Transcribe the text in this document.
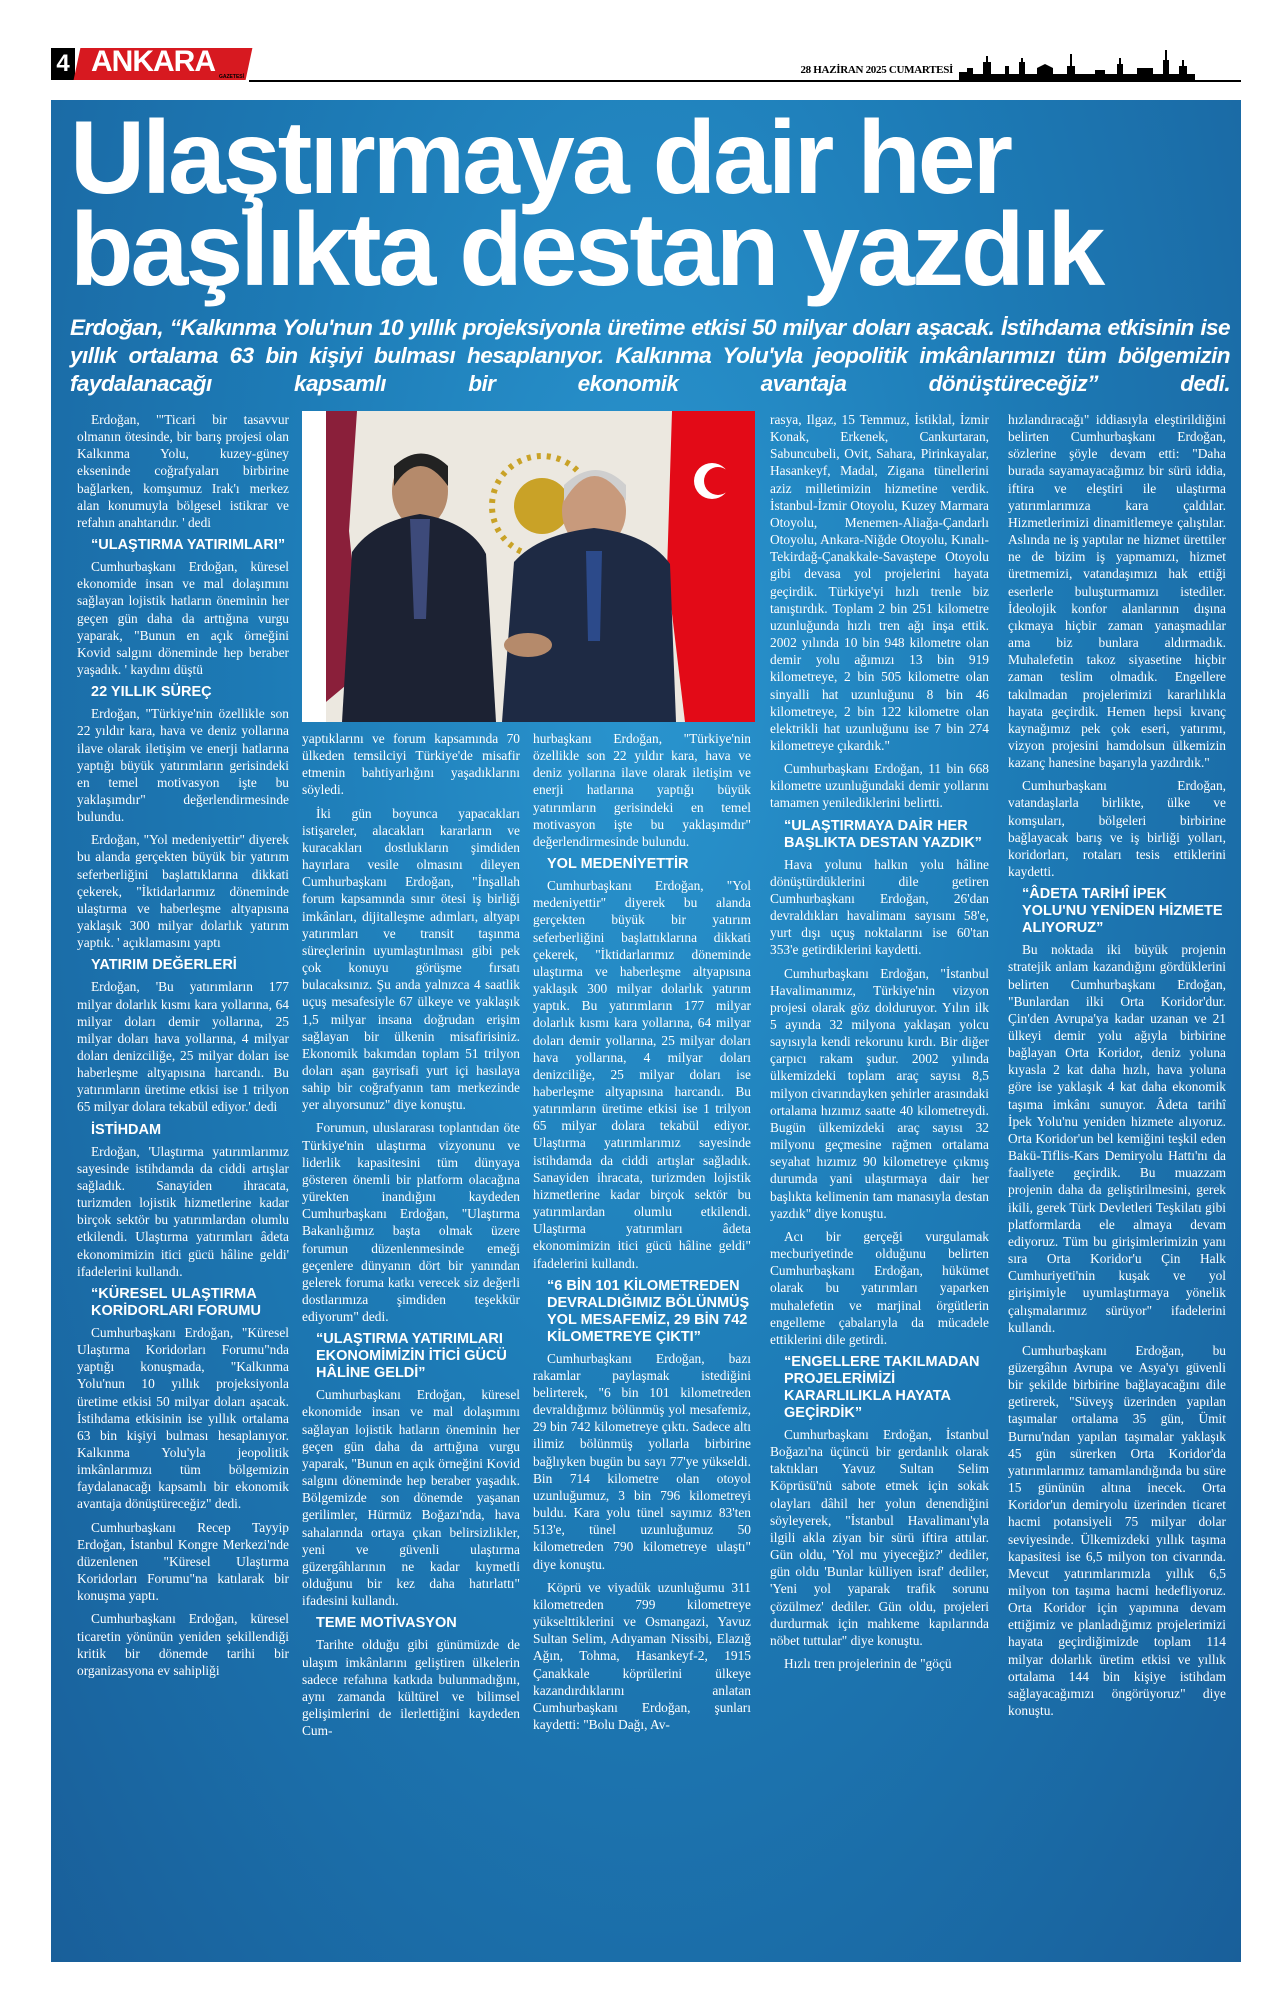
4 ANKARA GAZETESİ
28 HAZİRAN 2025 CUMARTESİ
Ulaştırmaya dair her başlıkta destan yazdık

Erdoğan, “Kalkınma Yolu'nun 10 yıllık projeksiyonla üretime etkisi 50 milyar doları aşacak. İstihdama etkisinin ise yıllık ortalama 63 bin kişiyi bulması hesaplanıyor. Kalkınma Yolu'yla jeopolitik imkânlarımızı tüm bölgemizin faydalanacağı kapsamlı bir ekonomik avantaja dönüştüreceğiz” dedi.

Erdoğan, '"Ticari bir tasavvur olmanın ötesinde, bir barış projesi olan Kalkınma Yolu, kuzey-güney ekseninde coğrafyaları birbirine bağlarken, komşumuz Irak'ı merkez alan konumuyla bölgesel istikrar ve refahın anahtarıdır. ' dedi

“ULAŞTIRMA YATIRIMLARI”

Cumhurbaşkanı Erdoğan, küresel ekonomide insan ve mal dolaşımını sağlayan lojistik hatların öneminin her geçen gün daha da arttığına vurgu yaparak, "Bunun en açık örneğini Kovid salgını döneminde hep beraber yaşadık. ' kaydını düştü

22 YILLIK SÜREÇ

Erdoğan, "Türkiye'nin özellikle son 22 yıldır kara, hava ve deniz yollarına ilave olarak iletişim ve enerji hatlarına yaptığı büyük yatırımların gerisindeki en temel motivasyon işte bu yaklaşımdır" değerlendirmesinde bulundu.

Erdoğan, "Yol medeniyettir" diyerek bu alanda gerçekten büyük bir yatırım seferberliğini başlattıklarına dikkati çekerek, "İktidarlarımız döneminde ulaştırma ve haberleşme altyapısına yaklaşık 300 milyar dolarlık yatırım yaptık. ' açıklamasını yaptı

YATIRIM DEĞERLERİ

Erdoğan, 'Bu yatırımların 177 milyar dolarlık kısmı kara yollarına, 64 milyar doları demir yollarına, 25 milyar doları hava yollarına, 4 milyar doları denizciliğe, 25 milyar doları ise haberleşme altyapısına harcandı. Bu yatırımların üretime etkisi ise 1 trilyon 65 milyar dolara tekabül ediyor.' dedi

İSTİHDAM

Erdoğan, 'Ulaştırma yatırımlarımız sayesinde istihdamda da ciddi artışlar sağladık. Sanayiden ihracata, turizmden lojistik hizmetlerine kadar birçok sektör bu yatırımlardan olumlu etkilendi. Ulaştırma yatırımları âdeta ekonomimizin itici gücü hâline geldi' ifadelerini kullandı.

“KÜRESEL ULAŞTIRMA KORİDORLARI FORUMU

Cumhurbaşkanı Erdoğan, "Küresel Ulaştırma Koridorları Forumu"nda yaptığı konuşmada, "Kalkınma Yolu'nun 10 yıllık projeksiyonla üretime etkisi 50 milyar doları aşacak. İstihdama etkisinin ise yıllık ortalama 63 bin kişiyi bulması hesaplanıyor. Kalkınma Yolu'yla jeopolitik imkânlarımızı tüm bölgemizin faydalanacağı kapsamlı bir ekonomik avantaja dönüştüreceğiz" dedi.

Cumhurbaşkanı Recep Tayyip Erdoğan, İstanbul Kongre Merkezi'nde düzenlenen "Küresel Ulaştırma Koridorları Forumu"na katılarak bir konuşma yaptı.

Cumhurbaşkanı Erdoğan, küresel ticaretin yönünün yeniden şekillendiği kritik bir dönemde tarihi bir organizasyona ev sahipliği

yaptıklarını ve forum kapsamında 70 ülkeden temsilciyi Türkiye'de misafir etmenin bahtiyarlığını yaşadıklarını söyledi.

İki gün boyunca yapacakları istişareler, alacakları kararların ve kuracakları dostlukların şimdiden hayırlara vesile olmasını dileyen Cumhurbaşkanı Erdoğan, "İnşallah forum kapsamında sınır ötesi iş birliği imkânları, dijitalleşme adımları, altyapı yatırımları ve transit taşınma süreçlerinin uyumlaştırılması gibi pek çok konuyu görüşme fırsatı bulacaksınız. Şu anda yalnızca 4 saatlik uçuş mesafesiyle 67 ülkeye ve yaklaşık 1,5 milyar insana doğrudan erişim sağlayan bir ülkenin misafirisiniz. Ekonomik bakımdan toplam 51 trilyon doları aşan gayrisafi yurt içi hasılaya sahip bir coğrafyanın tam merkezinde yer alıyorsunuz" diye konuştu.

Forumun, uluslararası toplantıdan öte Türkiye'nin ulaştırma vizyonunu ve liderlik kapasitesini tüm dünyaya gösteren önemli bir platform olacağına yürekten inandığını kaydeden Cumhurbaşkanı Erdoğan, "Ulaştırma Bakanlığımız başta olmak üzere forumun düzenlenmesinde emeği geçenlere dünyanın dört bir yanından gelerek foruma katkı verecek siz değerli dostlarımıza şimdiden teşekkür ediyorum" dedi.

“ULAŞTIRMA YATIRIMLARI EKONOMİMİZİN İTİCİ GÜCÜ HÂLİNE GELDİ”

Cumhurbaşkanı Erdoğan, küresel ekonomide insan ve mal dolaşımını sağlayan lojistik hatların öneminin her geçen gün daha da arttığına vurgu yaparak, "Bunun en açık örneğini Kovid salgını döneminde hep beraber yaşadık. Bölgemizde son dönemde yaşanan gerilimler, Hürmüz Boğazı'nda, hava sahalarında ortaya çıkan belirsizlikler, yeni ve güvenli ulaştırma güzergâhlarının ne kadar kıymetli olduğunu bir kez daha hatırlattı" ifadesini kullandı.

TEME MOTİVASYON

Tarihte olduğu gibi günümüzde de ulaşım imkânlarını geliştiren ülkelerin sadece refahına katkıda bulunmadığını, aynı zamanda kültürel ve bilimsel gelişimlerini de ilerlettiğini kaydeden Cum-

hurbaşkanı Erdoğan, "Türkiye'nin özellikle son 22 yıldır kara, hava ve deniz yollarına ilave olarak iletişim ve enerji hatlarına yaptığı büyük yatırımların gerisindeki en temel motivasyon işte bu yaklaşımdır" değerlendirmesinde bulundu.

YOL MEDENİYETTİR

Cumhurbaşkanı Erdoğan, "Yol medeniyettir" diyerek bu alanda gerçekten büyük bir yatırım seferberliğini başlattıklarına dikkati çekerek, "İktidarlarımız döneminde ulaştırma ve haberleşme altyapısına yaklaşık 300 milyar dolarlık yatırım yaptık. Bu yatırımların 177 milyar dolarlık kısmı kara yollarına, 64 milyar doları demir yollarına, 25 milyar doları hava yollarına, 4 milyar doları denizciliğe, 25 milyar doları ise haberleşme altyapısına harcandı. Bu yatırımların üretime etkisi ise 1 trilyon 65 milyar dolara tekabül ediyor. Ulaştırma yatırımlarımız sayesinde istihdamda da ciddi artışlar sağladık. Sanayiden ihracata, turizmden lojistik hizmetlerine kadar birçok sektör bu yatırımlardan olumlu etkilendi. Ulaştırma yatırımları âdeta ekonomimizin itici gücü hâline geldi" ifadelerini kullandı.

“6 BİN 101 KİLOMETREDEN DEVRALDIĞIMIZ BÖLÜNMÜŞ YOL MESAFEMİZ, 29 BİN 742 KİLOMETREYE ÇIKTI”

Cumhurbaşkanı Erdoğan, bazı rakamlar paylaşmak istediğini belirterek, "6 bin 101 kilometreden devraldığımız bölünmüş yol mesafemiz, 29 bin 742 kilometreye çıktı. Sadece altı ilimiz bölünmüş yollarla birbirine bağlıyken bugün bu sayı 77'ye yükseldi. Bin 714 kilometre olan otoyol uzunluğumuz, 3 bin 796 kilometreyi buldu. Kara yolu tünel sayımız 83'ten 513'e, tünel uzunluğumuz 50 kilometreden 790 kilometreye ulaştı" diye konuştu.

Köprü ve viyadük uzunluğumu 311 kilometreden 799 kilometreye yükselttiklerini ve Osmangazi, Yavuz Sultan Selim, Adıyaman Nissibi, Elazığ Ağın, Tohma, Hasankeyf-2, 1915 Çanakkale köprülerini ülkeye kazandırdıklarını anlatan Cumhurbaşkanı Erdoğan, şunları kaydetti: "Bolu Dağı, Av-

rasya, Ilgaz, 15 Temmuz, İstiklal, İzmir Konak, Erkenek, Cankurtaran, Sabuncubeli, Ovit, Sahara, Pirinkayalar, Hasankeyf, Madal, Zigana tünellerini aziz milletimizin hizmetine verdik. İstanbul-İzmir Otoyolu, Kuzey Marmara Otoyolu, Menemen-Aliağa-Çandarlı Otoyolu, Ankara-Niğde Otoyolu, Kınalı-Tekirdağ-Çanakkale-Savaştepe Otoyolu gibi devasa yol projelerini hayata geçirdik. Türkiye'yi hızlı trenle biz tanıştırdık. Toplam 2 bin 251 kilometre uzunluğunda hızlı tren ağı inşa ettik. 2002 yılında 10 bin 948 kilometre olan demir yolu ağımızı 13 bin 919 kilometreye, 2 bin 505 kilometre olan sinyalli hat uzunluğunu 8 bin 46 kilometreye, 2 bin 122 kilometre olan elektrikli hat uzunluğunu ise 7 bin 274 kilometreye çıkardık."

Cumhurbaşkanı Erdoğan, 11 bin 668 kilometre uzunluğundaki demir yollarını tamamen yenilediklerini belirtti.

“ULAŞTIRMAYA DAİR HER BAŞLIKTA DESTAN YAZDIK”

Hava yolunu halkın yolu hâline dönüştürdüklerini dile getiren Cumhurbaşkanı Erdoğan, 26'dan devraldıkları havalimanı sayısını 58'e, yurt dışı uçuş noktalarını ise 60'tan 353'e getirdiklerini kaydetti.

Cumhurbaşkanı Erdoğan, "İstanbul Havalimanımız, Türkiye'nin vizyon projesi olarak göz dolduruyor. Yılın ilk 5 ayında 32 milyona yaklaşan yolcu sayısıyla kendi rekorunu kırdı. Bir diğer çarpıcı rakam şudur. 2002 yılında ülkemizdeki toplam araç sayısı 8,5 milyon civarındayken şehirler arasındaki ortalama hızımız saatte 40 kilometreydi. Bugün ülkemizdeki araç sayısı 32 milyonu geçmesine rağmen ortalama seyahat hızımız 90 kilometreye çıkmış durumda yani ulaştırmaya dair her başlıkta kelimenin tam manasıyla destan yazdık" diye konuştu.

Acı bir gerçeği vurgulamak mecburiyetinde olduğunu belirten Cumhurbaşkanı Erdoğan, hükümet olarak bu yatırımları yaparken muhalefetin ve marjinal örgütlerin engelleme çabalarıyla da mücadele ettiklerini dile getirdi.

“ENGELLERE TAKILMADAN PROJELERİMİZİ KARARLILIKLA HAYATA GEÇİRDİK”

Cumhurbaşkanı Erdoğan, İstanbul Boğazı'na üçüncü bir gerdanlık olarak taktıkları Yavuz Sultan Selim Köprüsü'nü sabote etmek için sokak olayları dâhil her yolun denendiğini söyleyerek, "İstanbul Havalimanı'yla ilgili akla ziyan bir sürü iftira attılar. Gün oldu, 'Yol mu yiyeceğiz?' dediler, gün oldu 'Bunlar külliyen israf' dediler, 'Yeni yol yaparak trafik sorunu çözülmez' dediler. Gün oldu, projeleri durdurmak için mahkeme kapılarında nöbet tuttular" diye konuştu.

Hızlı tren projelerinin de "göçü

hızlandıracağı" iddiasıyla eleştirildiğini belirten Cumhurbaşkanı Erdoğan, sözlerine şöyle devam etti: "Daha burada sayamayacağımız bir sürü iddia, iftira ve eleştiri ile ulaştırma yatırımlarımıza kara çaldılar. Hizmetlerimizi dinamitlemeye çalıştılar. Aslında ne iş yaptılar ne hizmet ürettiler ne de bizim iş yapmamızı, hizmet üretmemizi, vatandaşımızı hak ettiği eserlerle buluşturmamızı istediler. İdeolojik konfor alanlarının dışına çıkmaya hiçbir zaman yanaşmadılar ama biz bunlara aldırmadık. Muhalefetin takoz siyasetine hiçbir zaman teslim olmadık. Engellere takılmadan projelerimizi kararlılıkla hayata geçirdik. Hemen hepsi kıvanç kaynağımız pek çok eseri, yatırımı, vizyon projesini hamdolsun ülkemizin kazanç hanesine başarıyla yazdırdık."

Cumhurbaşkanı Erdoğan, vatandaşlarla birlikte, ülke ve komşuları, bölgeleri birbirine bağlayacak barış ve iş birliği yolları, koridorları, rotaları tesis ettiklerini kaydetti.

“ÂDETA TARİHÎ İPEK YOLU'NU YENİDEN HİZMETE ALIYORUZ”

Bu noktada iki büyük projenin stratejik anlam kazandığını gördüklerini belirten Cumhurbaşkanı Erdoğan, "Bunlardan ilki Orta Koridor'dur. Çin'den Avrupa'ya kadar uzanan ve 21 ülkeyi demir yolu ağıyla birbirine bağlayan Orta Koridor, deniz yoluna kıyasla 2 kat daha hızlı, hava yoluna göre ise yaklaşık 4 kat daha ekonomik taşıma imkânı sunuyor. Âdeta tarihî İpek Yolu'nu yeniden hizmete alıyoruz. Orta Koridor'un bel kemiğini teşkil eden Bakü-Tiflis-Kars Demiryolu Hattı'nı da faaliyete geçirdik. Bu muazzam projenin daha da geliştirilmesini, gerek ikili, gerek Türk Devletleri Teşkilatı gibi platformlarda ele almaya devam ediyoruz. Tüm bu girişimlerimizin yanı sıra Orta Koridor'u Çin Halk Cumhuriyeti'nin kuşak ve yol girişimiyle uyumlaştırmaya yönelik çalışmalarımız sürüyor" ifadelerini kullandı.

Cumhurbaşkanı Erdoğan, bu güzergâhın Avrupa ve Asya'yı güvenli bir şekilde birbirine bağlayacağını dile getirerek, "Süveyş üzerinden yapılan taşımalar ortalama 35 gün, Ümit Burnu'ndan yapılan taşımalar yaklaşık 45 gün sürerken Orta Koridor'da yatırımlarımız tamamlandığında bu süre 15 gününün altına inecek. Orta Koridor'un demiryolu üzerinden ticaret hacmi potansiyeli 75 milyar dolar seviyesinde. Ülkemizdeki yıllık taşıma kapasitesi ise 6,5 milyon ton civarında. Mevcut yatırımlarımızla yıllık 6,5 milyon ton taşıma hacmi hedefliyoruz. Orta Koridor için yapımına devam ettiğimiz ve planladığımız projelerimizi hayata geçirdiğimizde toplam 114 milyar dolarlık üretim etkisi ve yıllık ortalama 144 bin kişiye istihdam sağlayacağımızı öngörüyoruz" diye konuştu.
